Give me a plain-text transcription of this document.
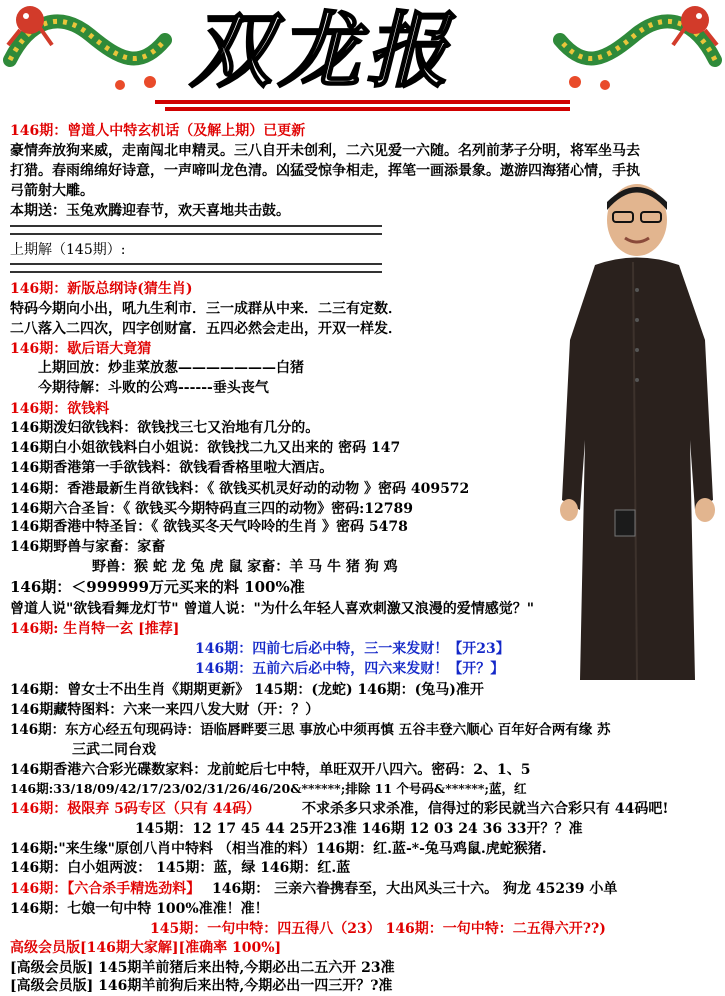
双龙报
146期：曾道人中特玄机话（及解上期）已更新
豪情奔放狗来威，走南闯北申精灵。三八自开未创利，二六见爱一六随。名列前茅子分明，将军坐马去
打猎。春雨绵绵好诗意，一声啼叫龙色清。凶猛受惊争相走，挥笔一画添景象。遨游四海猪心情，手执
弓箭射大雕。
本期送：玉兔欢腾迎春节，欢天喜地共击鼓。
上期解（145期）:
146期：新版总纲诗(猜生肖)
特码今期向小出，吼九生利市．三一成群从中来．二三有定数．
二八落入二四次，四字创财富．五四必然会走出，开双一样发．
146期：歇后语大竟猜
上期回放：炒韭菜放葱———————白猪
今期待解：斗败的公鸡------垂头丧气
146期：欲钱料
146期泼妇欲钱料：欲钱找三七又治地有几分的。
146期白小姐欲钱料白小姐说：欲钱找二九又出来的 密码 147
146期香港第一手欲钱料：欲钱看香格里啦大酒店。
146期：香港最新生肖欲钱料：《 欲钱买机灵好动的动物 》密码 409572
146期六合圣旨：《 欲钱买今期特码直三四的动物》密码:12789
146期香港中特圣旨：《 欲钱买冬天气呤呤的生肖 》密码 5478
146期野兽与家畜：家畜
野兽：猴 蛇 龙 兔 虎 鼠 家畜：羊 马 牛 猪 狗 鸡
146期：＜999999万元买来的料 100%准
曾道人说"欲钱看舞龙灯节" 曾道人说："为什么年轻人喜欢刺激又浪漫的爱情感觉？"
146期: 生肖特一玄 [推荐]
146期：四前七后必中特，三一来发财！【开23】
146期：五前六后必中特，四六来发财！【开？】
146期：曾女士不出生肖《期期更新》 145期：(龙蛇) 146期：(兔马)准开
146期藏特图料：六来一来四八发大财（开：？）
146期：东方心经五句现码诗：语临唇畔要三思 事放心中须再慎 五谷丰登六顺心 百年好合两有缘 苏
三武二同台戏
146期香港六合彩光碟数家料：龙前蛇后七中特，单旺双开八四六。密码：2、1、5
146期:33/18/09/42/17/23/02/31/26/46/20&******;排除 11 个号码&******;蓝，红
146期：极限弃 5码专区（只有 44码）	不求杀多只求杀准，信得过的彩民就当六合彩只有 44码吧!
145期：12 17 45 44 25开23准 146期 12 03 24 36 33开？？准
146期:"来生缘"原创八肖中特料 （相当准的料）146期：红.蓝-*-兔马鸡鼠.虎蛇猴猪.
146期：白小姐两波： 145期：蓝，绿 146期：红.蓝
146期：【六合杀手精选劲料】 146期： 三亲六眷携春至，大出风头三十六。 狗龙 45239 小单
146期：七娘一句中特 100%准准！准！
145期：一句中特：四五得八（23） 146期：一句中特：二五得六开??)
高级会员版[146期大家解][准确率 100%]
[高级会员版] 145期羊前猪后来出特,今期必出二五六开 23准
[高级会员版] 146期羊前狗后来出特,今期必出一四三开？?准
